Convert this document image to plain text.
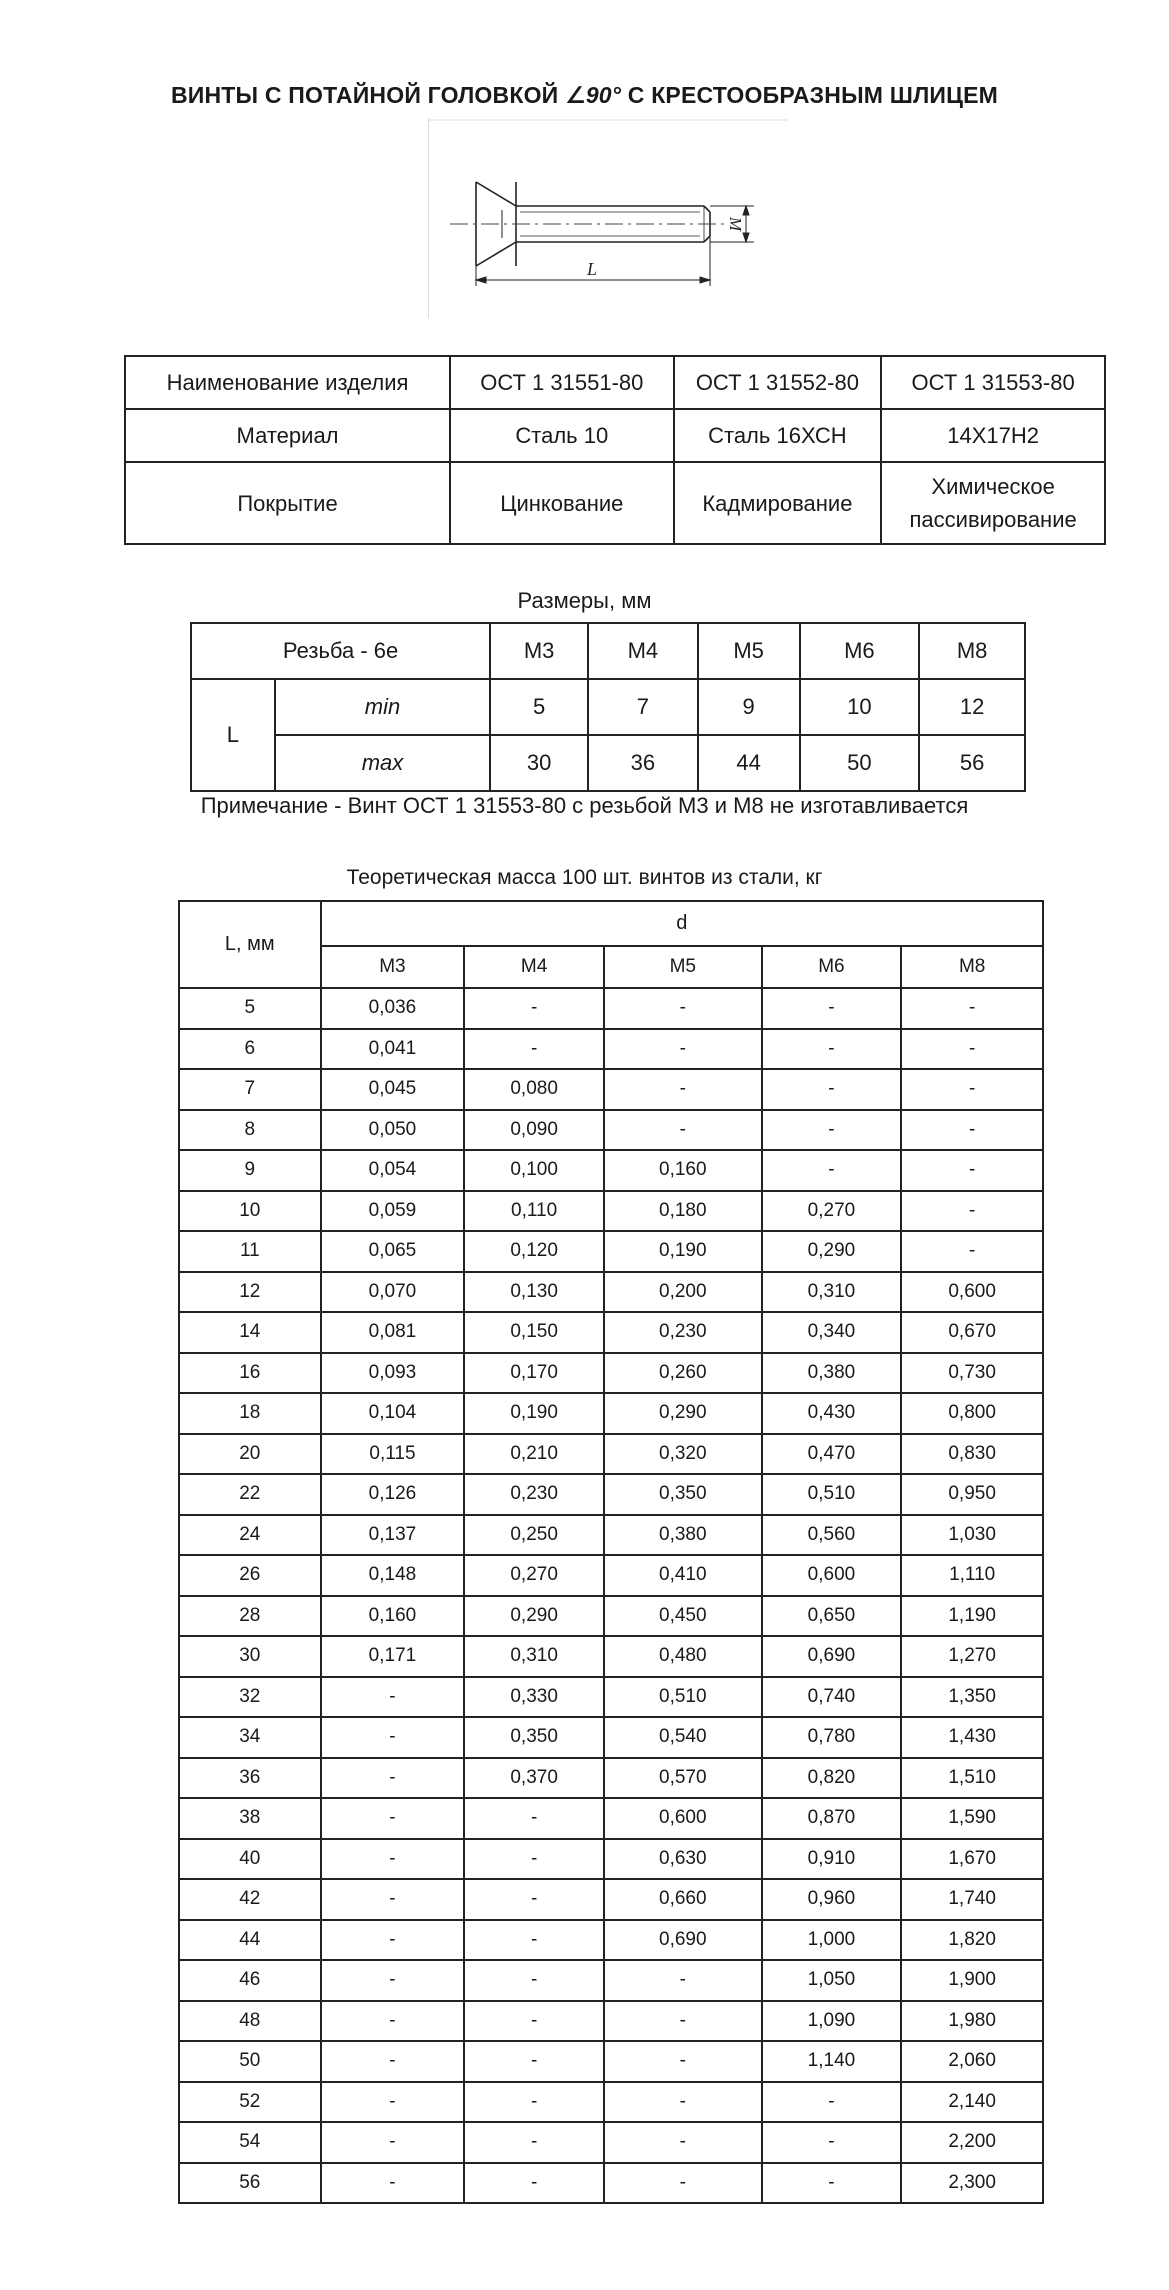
ВИНТЫ С ПОТАЙНОЙ ГОЛОВКОЙ ∠90° С КРЕСТООБРАЗНЫМ ШЛИЦЕМ
M
L
Наименование изделия	ОСТ 1 31551-80	ОСТ 1 31552-80	ОСТ 1 31553-80
Материал	Сталь 10	Сталь 16ХСН	14Х17Н2
Покрытие	Цинкование	Кадмирование	Химическое пассивирование
Размеры, мм
Резьба - 6е		М3	М4	М5	М6	М8
L	min	5	7	9	10	12
	max	30	36	44	50	56
Примечание - Винт ОСТ 1 31553-80 с резьбой М3 и М8 не изготавливается
Теоретическая масса 100 шт. винтов из стали, кг
L, мм	d				
	М3	М4	М5	М6	М8
5	0,036	-	-	-	-
6	0,041	-	-	-	-
7	0,045	0,080	-	-	-
8	0,050	0,090	-	-	-
9	0,054	0,100	0,160	-	-
10	0,059	0,110	0,180	0,270	-
11	0,065	0,120	0,190	0,290	-
12	0,070	0,130	0,200	0,310	0,600
14	0,081	0,150	0,230	0,340	0,670
16	0,093	0,170	0,260	0,380	0,730
18	0,104	0,190	0,290	0,430	0,800
20	0,115	0,210	0,320	0,470	0,830
22	0,126	0,230	0,350	0,510	0,950
24	0,137	0,250	0,380	0,560	1,030
26	0,148	0,270	0,410	0,600	1,110
28	0,160	0,290	0,450	0,650	1,190
30	0,171	0,310	0,480	0,690	1,270
32	-	0,330	0,510	0,740	1,350
34	-	0,350	0,540	0,780	1,430
36	-	0,370	0,570	0,820	1,510
38	-	-	0,600	0,870	1,590
40	-	-	0,630	0,910	1,670
42	-	-	0,660	0,960	1,740
44	-	-	0,690	1,000	1,820
46	-	-	-	1,050	1,900
48	-	-	-	1,090	1,980
50	-	-	-	1,140	2,060
52	-	-	-	-	2,140
54	-	-	-	-	2,200
56	-	-	-	-	2,300
